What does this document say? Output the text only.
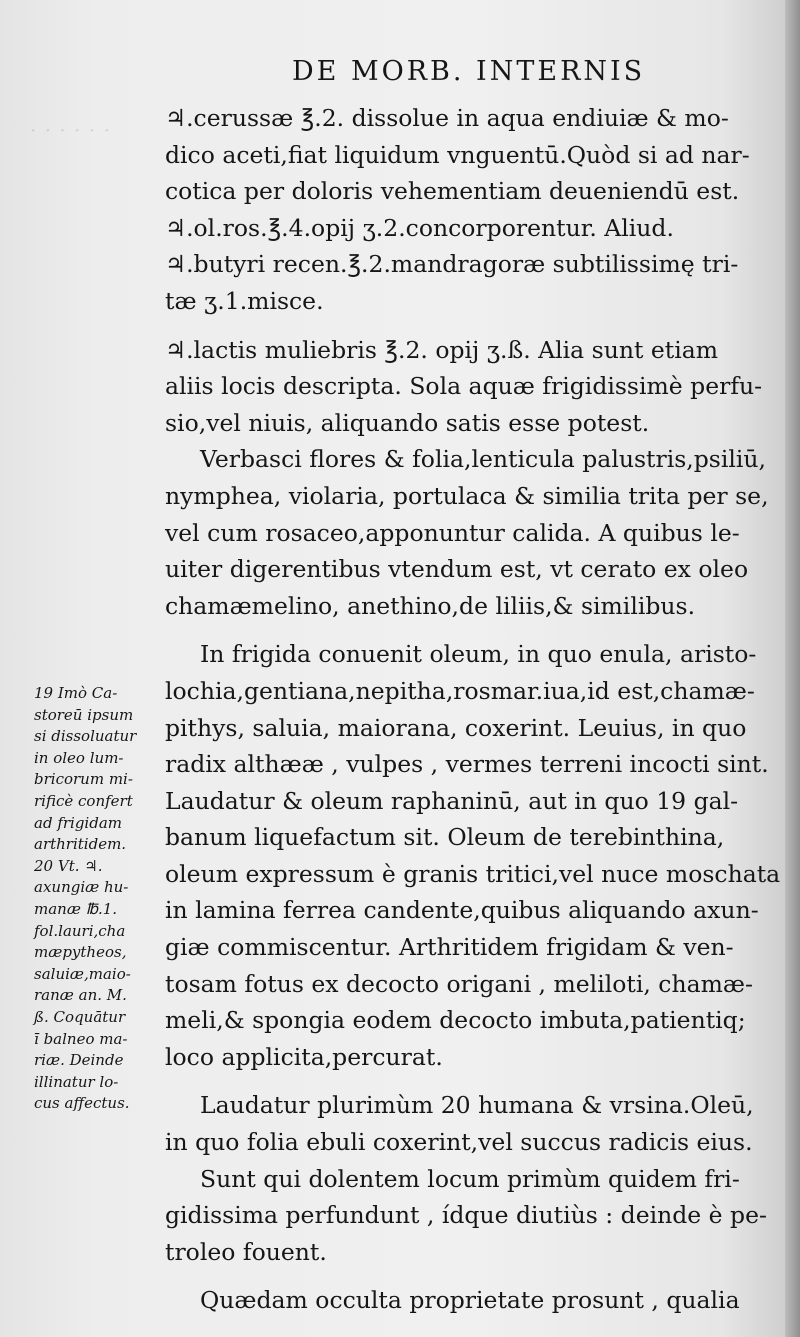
· · · · · ·
DE MORB. INTERNIS
♃.cerussæ ℥.2. dissolue in aqua endiuiæ & mo-
dico aceti,fiat liquidum vnguentū.Quòd si ad nar-
cotica per doloris vehementiam deueniendū est.
♃.ol.ros.℥.4.opij ʒ.2.concorporentur. Aliud.
♃.butyri recen.℥.2.mandragoræ subtilissimę tri-
tæ ʒ.1.misce.
♃.lactis muliebris ℥.2. opij ʒ.ß. Alia sunt etiam
aliis locis descripta. Sola aquæ frigidissimè perfu-
sio,vel niuis, aliquando satis esse potest.
Verbasci flores & folia,lenticula palustris,psiliū,
nymphea, violaria, portulaca & similia trita per se,
vel cum rosaceo,apponuntur calida. A quibus le-
uiter digerentibus vtendum est, vt cerato ex oleo
chamæmelino, anethino,de liliis,& similibus.
In frigida conuenit oleum, in quo enula, aristo-
lochia,gentiana,nepitha,rosmar.iua,id est,chamæ-
pithys, saluia, maiorana, coxerint. Leuius, in quo
radix althææ , vulpes , vermes terreni incocti sint.
Laudatur & oleum raphaninū, aut in quo 19 gal-
banum liquefactum sit. Oleum de terebinthina,
oleum expressum è granis tritici,vel nuce moschata
in lamina ferrea candente,quibus aliquando axun-
giæ commiscentur. Arthritidem frigidam & ven-
tosam fotus ex decocto origani , meliloti, chamæ-
meli,& spongia eodem decocto imbuta,patientiq;
loco applicita,percurat.
Laudatur plurimùm 20 humana & vrsina.Oleū,
in quo folia ebuli coxerint,vel succus radicis eius.
Sunt qui dolentem locum primùm quidem fri-
gidissima perfundunt , ídque diutiùs : deinde è pe-
troleo fouent.
Quædam occulta proprietate prosunt , qualia
19 Imò Ca-
storeū ipsum
si dissoluatur
in oleo lum-
bricorum mi-
rificè confert
ad frigidam
arthritidem.
20 Vt. ♃.
axungiæ hu-
manæ ℔.1.
fol.lauri,cha
mæpytheos,
saluiæ,maio-
ranæ an. M.
ß. Coquātur
ī balneo ma-
riæ. Deinde
illinatur lo-
cus affectus.
